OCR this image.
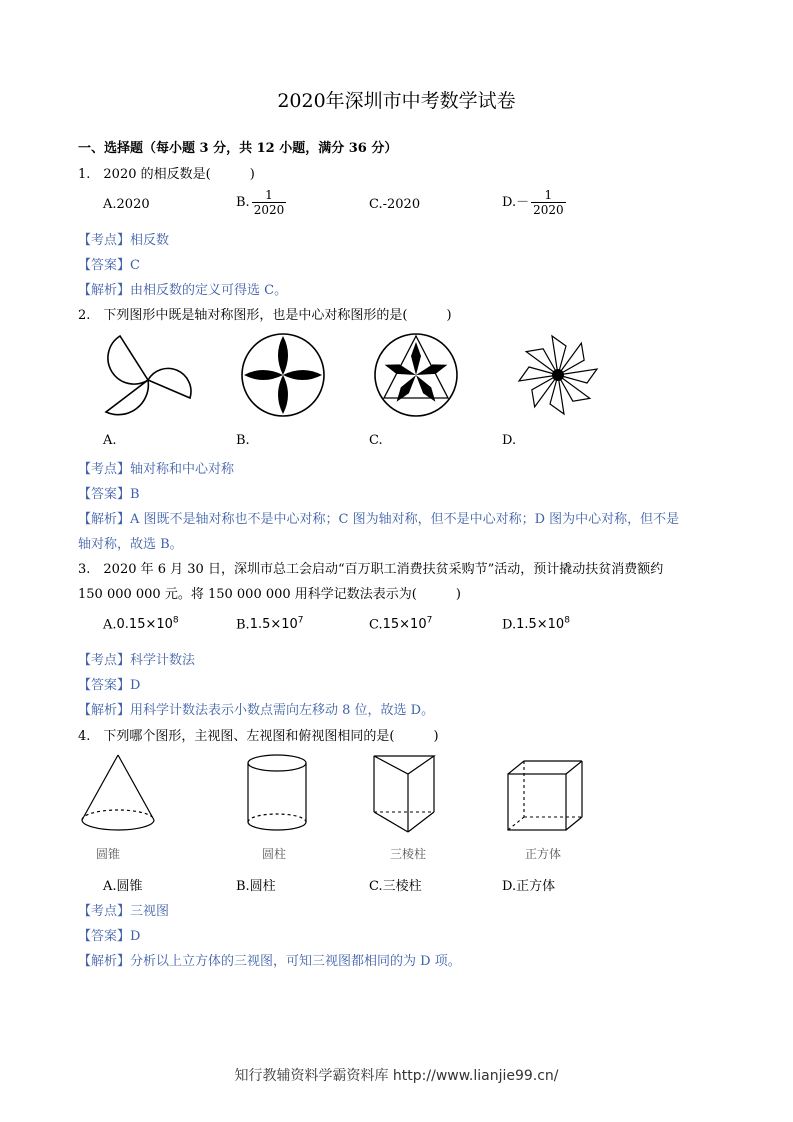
2020年深圳市中考数学试卷
一、选择题（每小题 3 分，共 12 小题，满分 36 分）
1.　2020 的相反数是(　　　)
A.2020	B. $\frac{1}{2020}$	C.-2020	$D.- \frac{1}{2020}$
【考点】相反数
【答案】C
【解析】由相反数的定义可得选 C。
2.　下列图形中既是轴对称图形，也是中心对称图形的是(　　　)
A.	B.	C.	D.
【考点】轴对称和中心对称
【答案】B
【解析】A 图既不是轴对称也不是中心对称；C 图为轴对称，但不是中心对称；D 图为中心对称，但不是
轴对称，故选 B。
3.　2020 年 6 月 30 日，深圳市总工会启动“百万职工消费扶贫采购节”活动，预计撬动扶贫消费额约
150 000 000 元。将 150 000 000 用科学记数法表示为(　　　)
$A.0.15\times 10^8$	$B.1.5\times 10^7$	$C.15\times 10^7$	$D.1.5\times 10^8$
【考点】科学计数法
【答案】D
【解析】用科学计数法表示小数点需向左移动 8 位，故选 D。
4.　下列哪个图形，主视图、左视图和俯视图相同的是(　　　)
圆锥	圆柱	三棱柱	正方体
A.圆锥	B.圆柱	C.三棱柱	D.正方体
【考点】三视图
【答案】D
【解析】分析以上立方体的三视图，可知三视图都相同的为 D 项。
知行教辅资料学霸资料库 http://www.lianjie99.cn/
